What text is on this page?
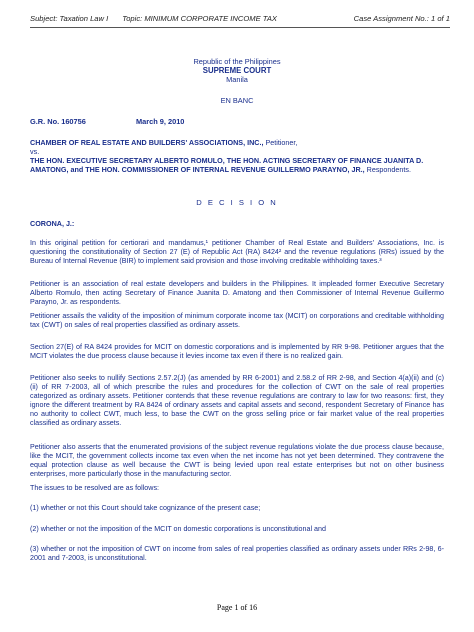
Subject: Taxation Law I Topic: MINIMUM CORPORATE INCOME TAX	Case Assignment No.: 1 of 1
Republic of the Philippines
SUPREME COURT
Manila
EN BANC
G.R. No. 160756	March 9, 2010
CHAMBER OF REAL ESTATE AND BUILDERS' ASSOCIATIONS, INC., Petitioner,
vs.
THE HON. EXECUTIVE SECRETARY ALBERTO ROMULO, THE HON. ACTING SECRETARY OF FINANCE JUANITA D. AMATONG, and THE HON. COMMISSIONER OF INTERNAL REVENUE GUILLERMO PARAYNO, JR., Respondents.
D E C I S I O N
CORONA, J.:

In this original petition for certiorari and mandamus,¹ petitioner Chamber of Real Estate and Builders' Associations, Inc. is questioning the constitutionality of Section 27 (E) of Republic Act (RA) 8424² and the revenue regulations (RRs) issued by the Bureau of Internal Revenue (BIR) to implement said provision and those involving creditable withholding taxes.³

Petitioner is an association of real estate developers and builders in the Philippines. It impleaded former Executive Secretary Alberto Romulo, then acting Secretary of Finance Juanita D. Amatong and then Commissioner of Internal Revenue Guillermo Parayno, Jr. as respondents.

Petitioner assails the validity of the imposition of minimum corporate income tax (MCIT) on corporations and creditable withholding tax (CWT) on sales of real properties classified as ordinary assets.

Section 27(E) of RA 8424 provides for MCIT on domestic corporations and is implemented by RR 9-98. Petitioner argues that the MCIT violates the due process clause because it levies income tax even if there is no realized gain.

Petitioner also seeks to nullify Sections 2.57.2(J) (as amended by RR 6-2001) and 2.58.2 of RR 2-98, and Section 4(a)(ii) and (c)(ii) of RR 7-2003, all of which prescribe the rules and procedures for the collection of CWT on the sale of real properties categorized as ordinary assets. Petitioner contends that these revenue regulations are contrary to law for two reasons: first, they ignore the different treatment by RA 8424 of ordinary assets and capital assets and second, respondent Secretary of Finance has no authority to collect CWT, much less, to base the CWT on the gross selling price or fair market value of the real properties classified as ordinary assets.

Petitioner also asserts that the enumerated provisions of the subject revenue regulations violate the due process clause because, like the MCIT, the government collects income tax even when the net income has not yet been determined. They contravene the equal protection clause as well because the CWT is being levied upon real estate enterprises but not on other business enterprises, more particularly those in the manufacturing sector.

The issues to be resolved are as follows:

(1) whether or not this Court should take cognizance of the present case;

(2) whether or not the imposition of the MCIT on domestic corporations is unconstitutional and

(3) whether or not the imposition of CWT on income from sales of real properties classified as ordinary assets under RRs 2-98, 6-2001 and 7-2003, is unconstitutional.

Page 1 of 16
